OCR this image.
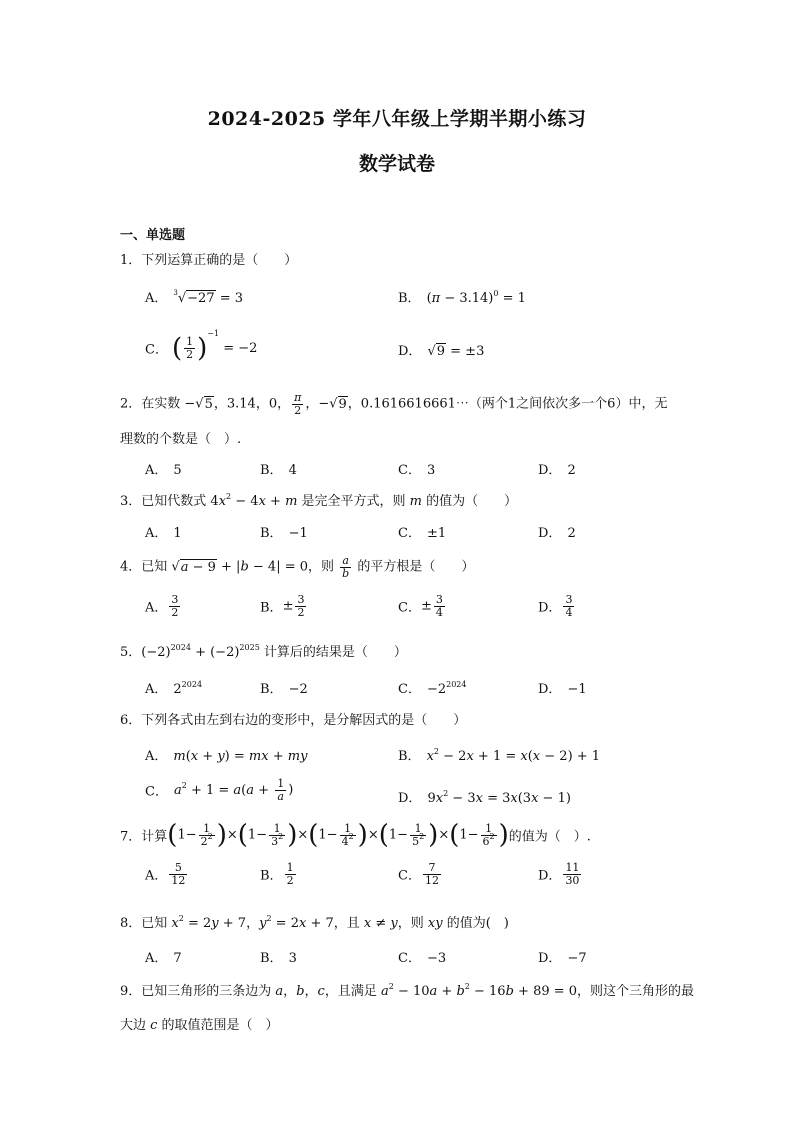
2024-2025 学年八年级上学期半期小练习
数学试卷
一、单选题
1．下列运算正确的是（　　）
A． $^3$√−27 = 3	B． $(\pi - 3.14)^0 = 1$
C． ( $\frac{1}{2} )^{-1} = -2$	D． √9 = ±3
2．在实数 −√5，3.14，0， $\frac{\pi}{2}$ ，−√9，0.1616616661⋯（两个1之间依次多一个6）中，无
理数的个数是（　）.
A． 5	B． 4	C． 3	D． 2
3．已知代数式 $4x^2 - 4x + m$ 是完全平方式，则 m 的值为（　　）
A． 1	B． −1	C． ±1	D． 2
4．已知 √a − 9 + |b − 4| = 0，则 $\frac{a}{b}$ 的平方根是（　　）
A． $\frac{3}{2}$	B．± $\frac{3}{2}$	C．± $\frac{3}{4}$	D． $\frac{3}{4}$
5．$(-2)^{2024} + (-2)^{2025}$ 计算后的结果是（　　）
A． $2^{2024}$	B． −2	C． $-2^{2024}$	D． −1
6．下列各式由左到右边的变形中，是分解因式的是（　　）
A． m(x + y) = mx + my	B． $x^2 - 2x + 1 = x(x - 2) + 1$
C． $a^2 + 1 = a(a + \frac{1}{a}$ )
D． $9x^2 - 3x = 3x(3x - 1)$
7．计算$(1- \frac{1}{2^2} )\times(1- \frac{1}{3^2} )\times(1- \frac{1}{4^2} )\times(1- \frac{1}{5^2} )\times(1- \frac{1}{6^2}$ )的值为（　）.
A． $\frac{5}{12}$	B． $\frac{1}{2}$	C． $\frac{7}{12}$	D． $\frac{11}{30}$
8．已知 $x^2 = 2y + 7$，$y^2 = 2x + 7$，且 x ≠ y，则 xy 的值为(　)
A． 7	B． 3	C． −3	D． −7
9．已知三角形的三条边为 a，b，c，且满足 $a^2 - 10a + b^2 - 16b + 89 = 0$，则这个三角形的最
大边 c 的取值范围是（　）
